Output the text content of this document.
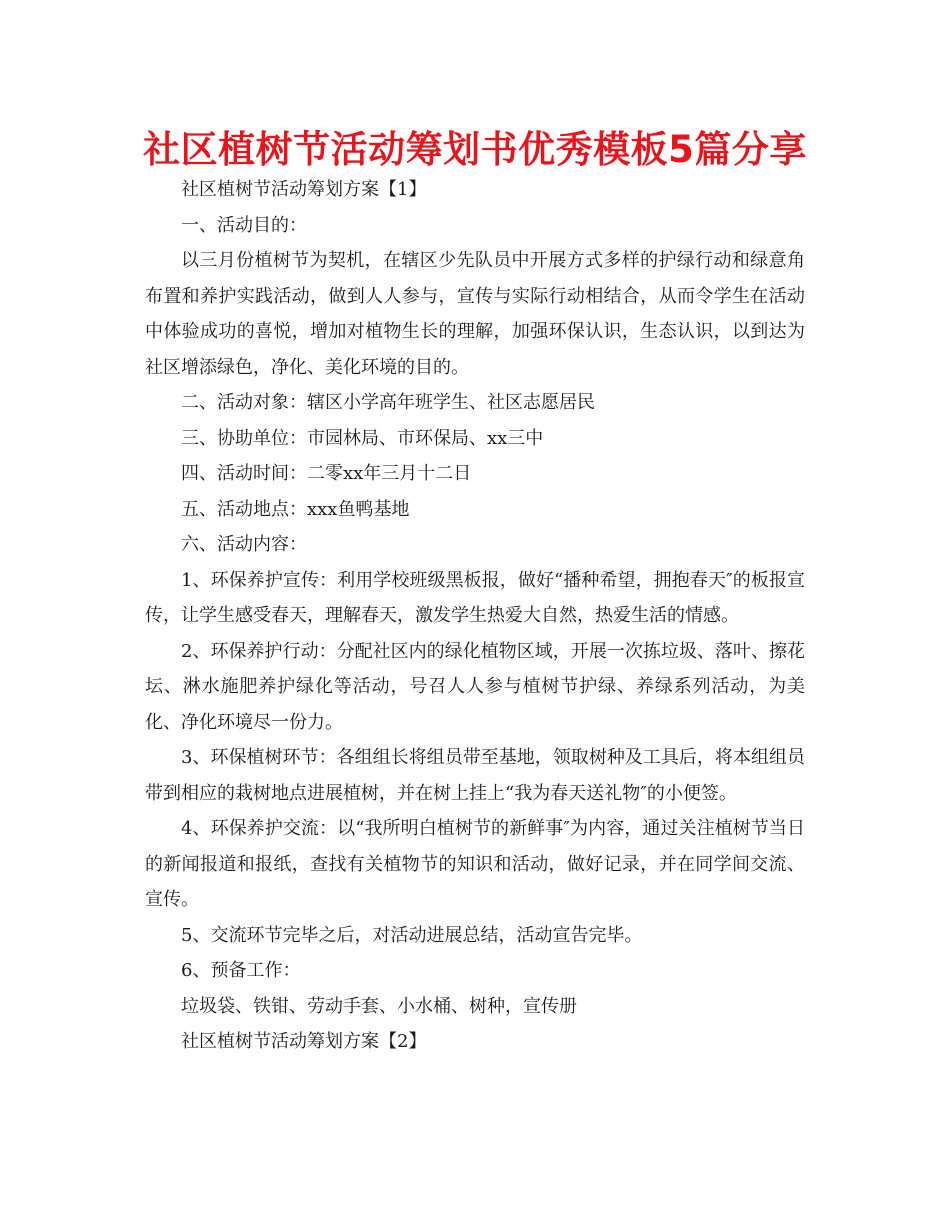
社区植树节活动筹划书优秀模板5篇分享

社区植树节活动筹划方案【1】

一、活动目的：

以三月份植树节为契机，在辖区少先队员中开展方式多样的护绿行动和绿意角布置和养护实践活动，做到人人参与，宣传与实际行动相结合，从而令学生在活动中体验成功的喜悦，增加对植物生长的理解，加强环保认识，生态认识，以到达为社区增添绿色，净化、美化环境的目的。

二、活动对象：辖区小学高年班学生、社区志愿居民

三、协助单位：市园林局、市环保局、xx三中

四、活动时间：二零xx年三月十二日

五、活动地点：xxx鱼鸭基地

六、活动内容：

1、环保养护宣传：利用学校班级黑板报，做好“播种希望，拥抱春天″的板报宣传，让学生感受春天，理解春天，激发学生热爱大自然，热爱生活的情感。

2、环保养护行动：分配社区内的绿化植物区域，开展一次拣垃圾、落叶、擦花坛、淋水施肥养护绿化等活动，号召人人参与植树节护绿、养绿系列活动，为美化、净化环境尽一份力。

3、环保植树环节：各组组长将组员带至基地，领取树种及工具后，将本组组员带到相应的栽树地点进展植树，并在树上挂上“我为春天送礼物″的小便签。

4、环保养护交流：以“我所明白植树节的新鲜事″为内容，通过关注植树节当日的新闻报道和报纸，查找有关植物节的知识和活动，做好记录，并在同学间交流、宣传。

5、交流环节完毕之后，对活动进展总结，活动宣告完毕。

6、预备工作：

垃圾袋、铁钳、劳动手套、小水桶、树种，宣传册

社区植树节活动筹划方案【2】
